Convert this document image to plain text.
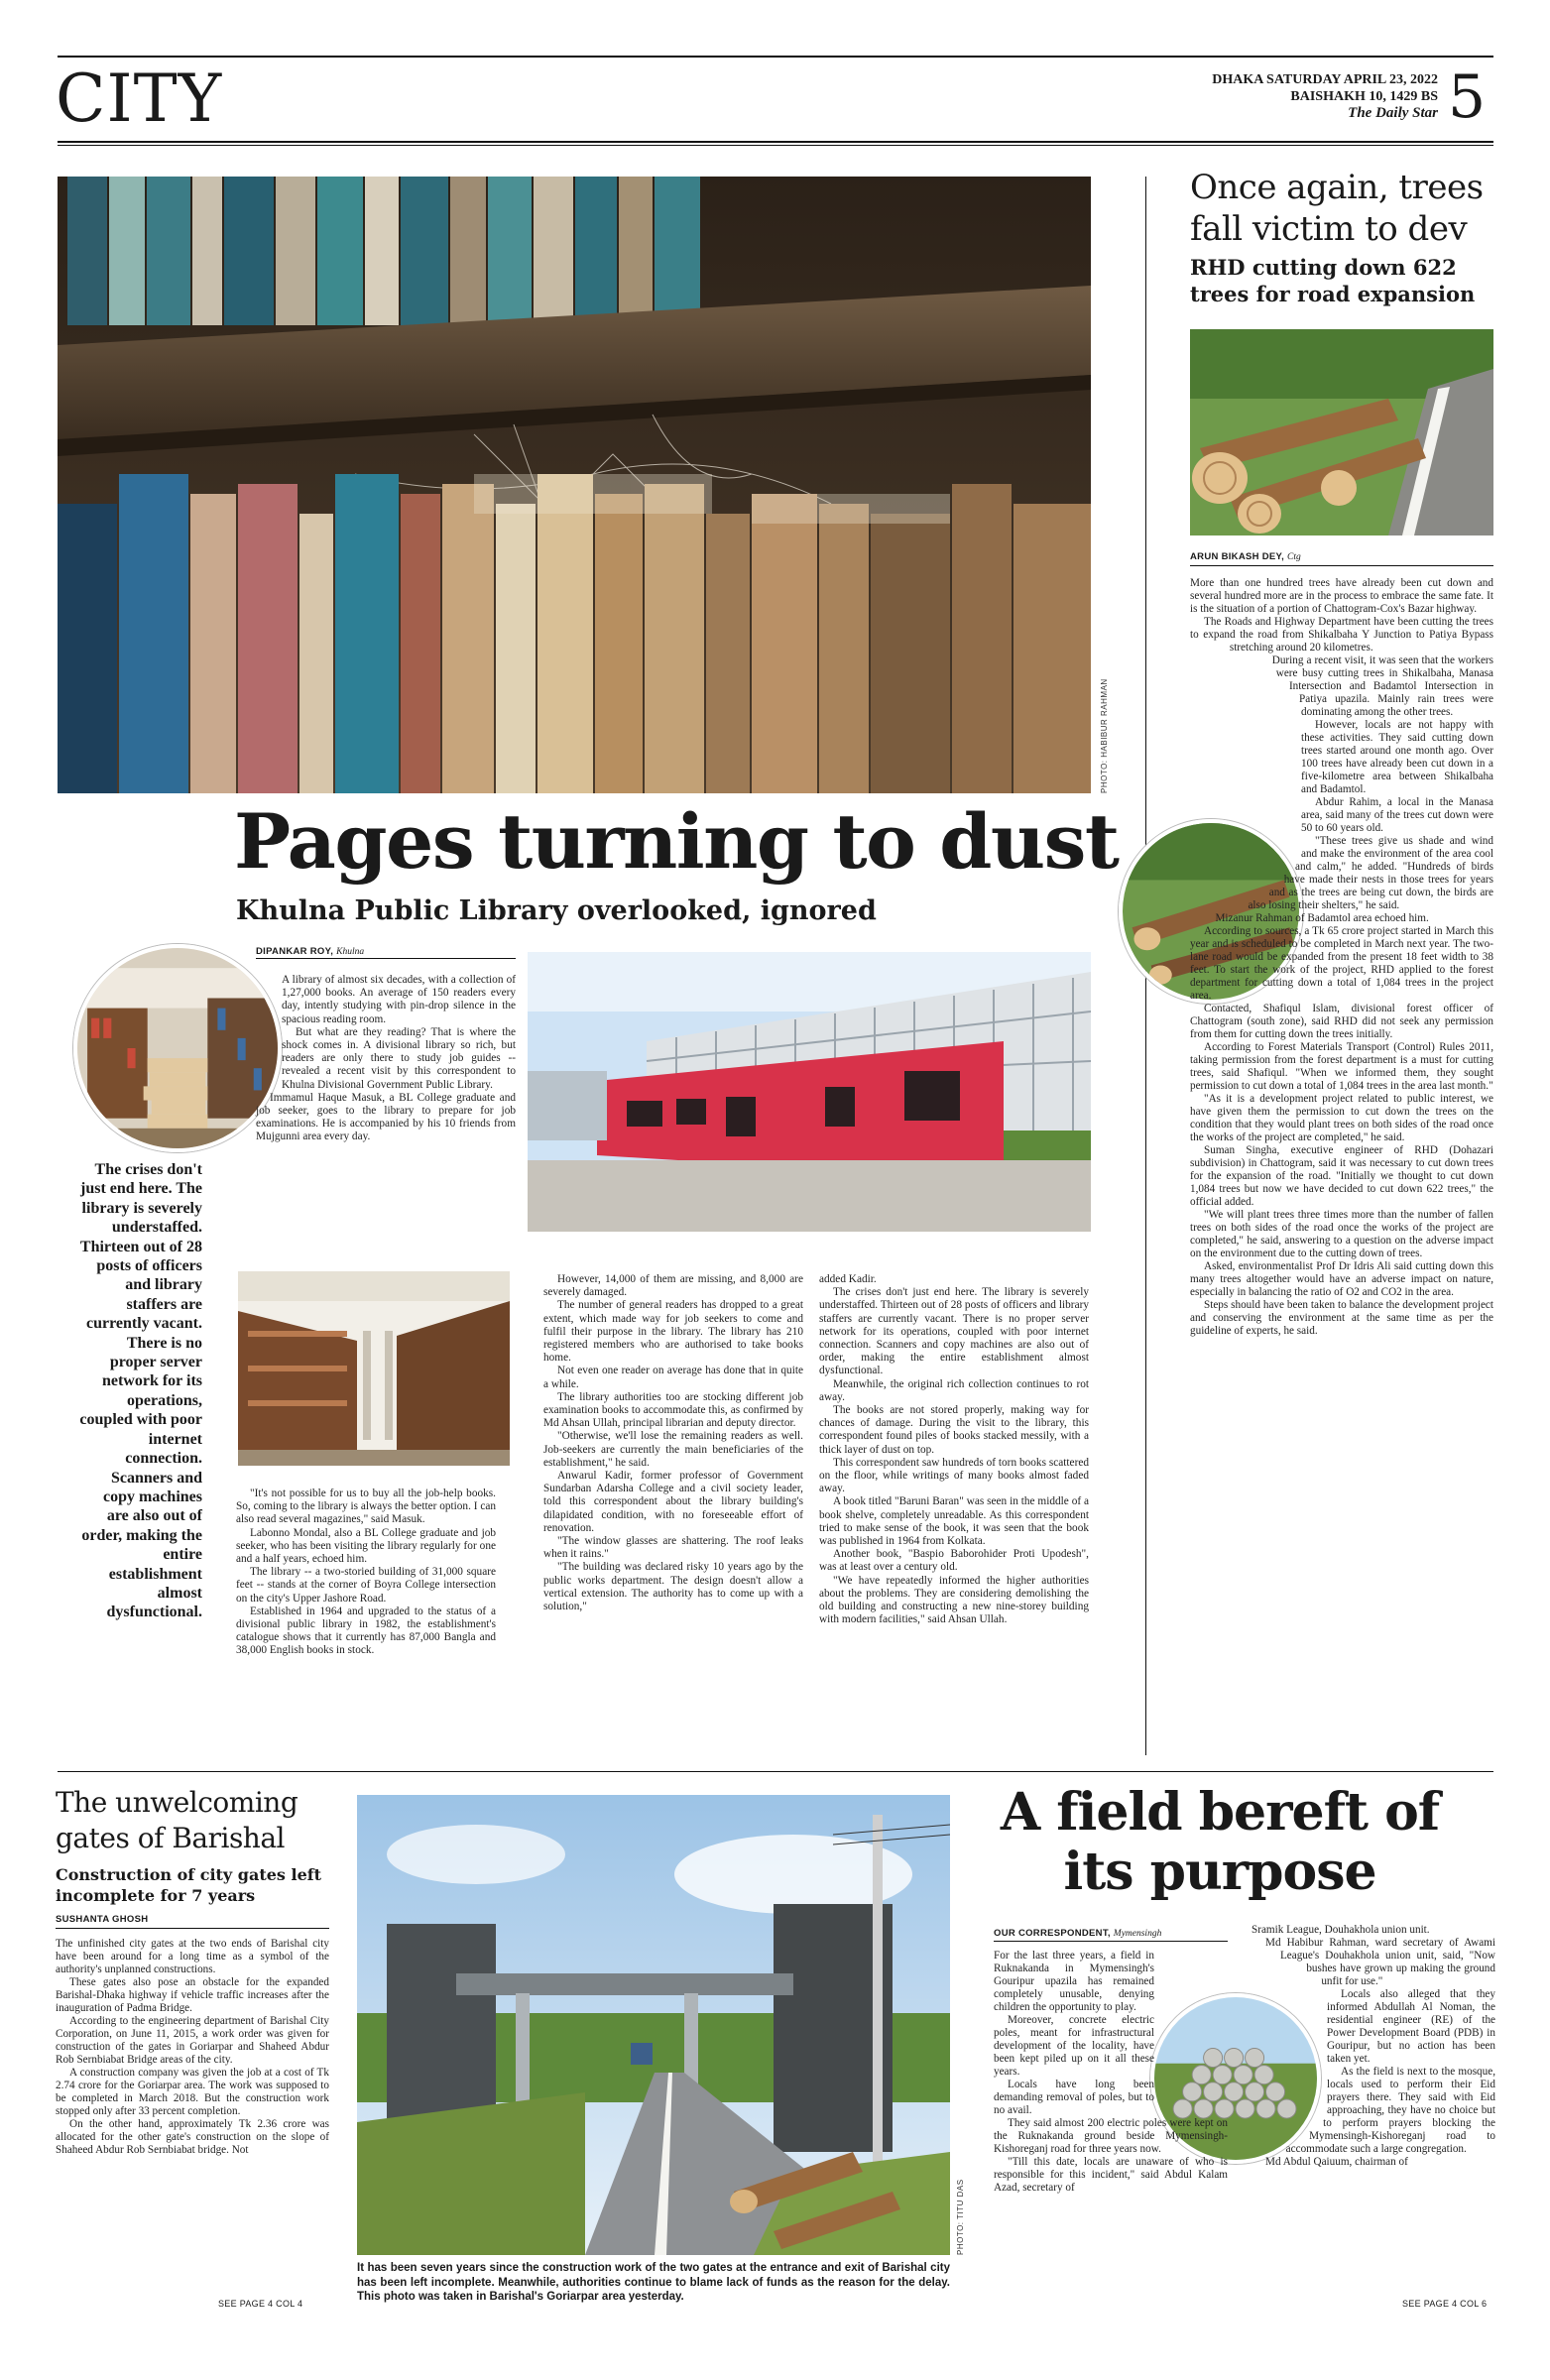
CITY	DHAKA SATURDAY APRIL 23, 2022
BAISHAKH 10, 1429 BS
The Daily Star 5
PHOTO: HABIBUR RAHMAN
Pages turning to dust
Khulna Public Library overlooked, ignored
DIPANKAR ROY, Khulna
The crises don't just end here. The library is severely understaffed. Thirteen out of 28 posts of officers and library staffers are currently vacant. There is no proper server network for its operations, coupled with poor internet connection. Scanners and copy machines are also out of order, making the entire establishment almost dysfunctional.

A library of almost six decades, with a collection of 1,27,000 books. An average of 150 readers every day, intently studying with pin-drop silence in the spacious reading room.

But what are they reading? That is where the shock comes in. A divisional library so rich, but readers are only there to study job guides -- revealed a recent visit by this correspondent to Khulna Divisional Government Public Library.

Immamul Haque Masuk, a BL College graduate and job seeker, goes to the library to prepare for job examinations. He is accompanied by his 10 friends from Mujgunni area every day.

"It's not possible for us to buy all the job-help books. So, coming to the library is always the better option. I can also read several magazines," said Masuk.

Labonno Mondal, also a BL College graduate and job seeker, who has been visiting the library regularly for one and a half years, echoed him.

The library -- a two-storied building of 31,000 square feet -- stands at the corner of Boyra College intersection on the city's Upper Jashore Road.

Established in 1964 and upgraded to the status of a divisional public library in 1982, the establishment's catalogue shows that it currently has 87,000 Bangla and 38,000 English books in stock.

However, 14,000 of them are missing, and 8,000 are severely damaged.

The number of general readers has dropped to a great extent, which made way for job seekers to come and fulfil their purpose in the library. The library has 210 registered members who are authorised to take books home.

Not even one reader on average has done that in quite a while.

The library authorities too are stocking different job examination books to accommodate this, as confirmed by Md Ahsan Ullah, principal librarian and deputy director.

"Otherwise, we'll lose the remaining readers as well. Job-seekers are currently the main beneficiaries of the establishment," he said.

Anwarul Kadir, former professor of Government Sundarban Adarsha College and a civil society leader, told this correspondent about the library building's dilapidated condition, with no foreseeable effort of renovation.

"The window glasses are shattering. The roof leaks when it rains."

"The building was declared risky 10 years ago by the public works department. The design doesn't allow a vertical extension. The authority has to come up with a solution,"

added Kadir.

The crises don't just end here. The library is severely understaffed. Thirteen out of 28 posts of officers and library staffers are currently vacant. There is no proper server network for its operations, coupled with poor internet connection. Scanners and copy machines are also out of order, making the entire establishment almost dysfunctional.

Meanwhile, the original rich collection continues to rot away.

The books are not stored properly, making way for chances of damage. During the visit to the library, this correspondent found piles of books stacked messily, with a thick layer of dust on top.

This correspondent saw hundreds of torn books scattered on the floor, while writings of many books almost faded away.

A book titled "Baruni Baran" was seen in the middle of a book shelve, completely unreadable. As this correspondent tried to make sense of the book, it was seen that the book was published in 1964 from Kolkata.

Another book, "Baspio Baborohider Proti Upodesh", was at least over a century old.

"We have repeatedly informed the higher authorities about the problems. They are considering demolishing the old building and constructing a new nine-storey building with modern facilities," said Ahsan Ullah.

Once again, trees fall victim to dev
RHD cutting down 622 trees for road expansion
ARUN BIKASH DEY, Ctg

More than one hundred trees have already been cut down and several hundred more are in the process to embrace the same fate. It is the situation of a portion of Chattogram-Cox's Bazar highway.

The Roads and Highway Department have been cutting the trees to expand the road from Shikalbaha Y Junction to Patiya Bypass stretching around 20 kilometres.

During a recent visit, it was seen that the workers were busy cutting trees in Shikalbaha, Manasa Intersection and Badamtol Intersection in Patiya upazila. Mainly rain trees were dominating among the other trees.

However, locals are not happy with these activities. They said cutting down trees started around one month ago. Over 100 trees have already been cut down in a five-kilometre area between Shikalbaha and Badamtol.

Abdur Rahim, a local in the Manasa area, said many of the trees cut down were 50 to 60 years old.

"These trees give us shade and wind and make the environment of the area cool and calm," he added. "Hundreds of birds have made their nests in those trees for years and as the trees are being cut down, the birds are also losing their shelters," he said.

Mizanur Rahman of Badamtol area echoed him.

According to sources, a Tk 65 crore project started in March this year and is scheduled to be completed in March next year. The two-lane road would be expanded from the present 18 feet width to 38 feet. To start the work of the project, RHD applied to the forest department for cutting down a total of 1,084 trees in the project area.

Contacted, Shafiqul Islam, divisional forest officer of Chattogram (south zone), said RHD did not seek any permission from them for cutting down the trees initially.

According to Forest Materials Transport (Control) Rules 2011, taking permission from the forest department is a must for cutting trees, said Shafiqul. "When we informed them, they sought permission to cut down a total of 1,084 trees in the area last month."

"As it is a development project related to public interest, we have given them the permission to cut down the trees on the condition that they would plant trees on both sides of the road once the works of the project are completed," he said.

Suman Singha, executive engineer of RHD (Dohazari subdivision) in Chattogram, said it was necessary to cut down trees for the expansion of the road. "Initially we thought to cut down 1,084 trees but now we have decided to cut down 622 trees," the official added.

"We will plant trees three times more than the number of fallen trees on both sides of the road once the works of the project are completed," he said, answering to a question on the adverse impact on the environment due to the cutting down of trees.

Asked, environmentalist Prof Dr Idris Ali said cutting down this many trees altogether would have an adverse impact on nature, especially in balancing the ratio of O2 and CO2 in the area.

Steps should have been taken to balance the development project and conserving the environment at the same time as per the guideline of experts, he said.

The unwelcoming gates of Barishal
Construction of city gates left incomplete for 7 years
SUSHANTA GHOSH

The unfinished city gates at the two ends of Barishal city have been around for a long time as a symbol of the authority's unplanned constructions.

These gates also pose an obstacle for the expanded Barishal-Dhaka highway if vehicle traffic increases after the inauguration of Padma Bridge.

According to the engineering department of Barishal City Corporation, on June 11, 2015, a work order was given for construction of the gates in Goriarpar and Shaheed Abdur Rob Sernbiabat Bridge areas of the city.

A construction company was given the job at a cost of Tk 2.74 crore for the Goriarpar area. The work was supposed to be completed in March 2018. But the construction work stopped only after 33 percent completion.

On the other hand, approximately Tk 2.36 crore was allocated for the other gate's construction on the slope of Shaheed Abdur Rob Sernbiabat bridge. Not

SEE PAGE 4 COL 4
PHOTO: TITU DAS
It has been seven years since the construction work of the two gates at the entrance and exit of Barishal city has been left incomplete. Meanwhile, authorities continue to blame lack of funds as the reason for the delay. This photo was taken in Barishal's Goriarpar area yesterday.
A field bereft of its purpose
OUR CORRESPONDENT, Mymensingh

For the last three years, a field in Ruknakanda in Mymensingh's Gouripur upazila has remained completely unusable, denying children the opportunity to play.

Moreover, concrete electric poles, meant for infrastructural development of the locality, have been kept piled up on it all these years.

Locals have long been demanding removal of poles, but to no avail.

They said almost 200 electric poles were kept on the Ruknakanda ground beside Mymensingh-Kishoreganj road for three years now.

"Till this date, locals are unaware of who is responsible for this incident," said Abdul Kalam Azad, secretary of

Sramik League, Douhakhola union unit.

Md Habibur Rahman, ward secretary of Awami League's Douhakhola union unit, said, "Now bushes have grown up making the ground unfit for use."

Locals also alleged that they informed Abdullah Al Noman, the residential engineer (RE) of the Power Development Board (PDB) in Gouripur, but no action has been taken yet.

As the field is next to the mosque, locals used to perform their Eid prayers there. They said with Eid approaching, they have no choice but to perform prayers blocking the Mymensingh-Kishoreganj road to accommodate such a large congregation.

Md Abdul Qaiuum, chairman of

SEE PAGE 4 COL 6
